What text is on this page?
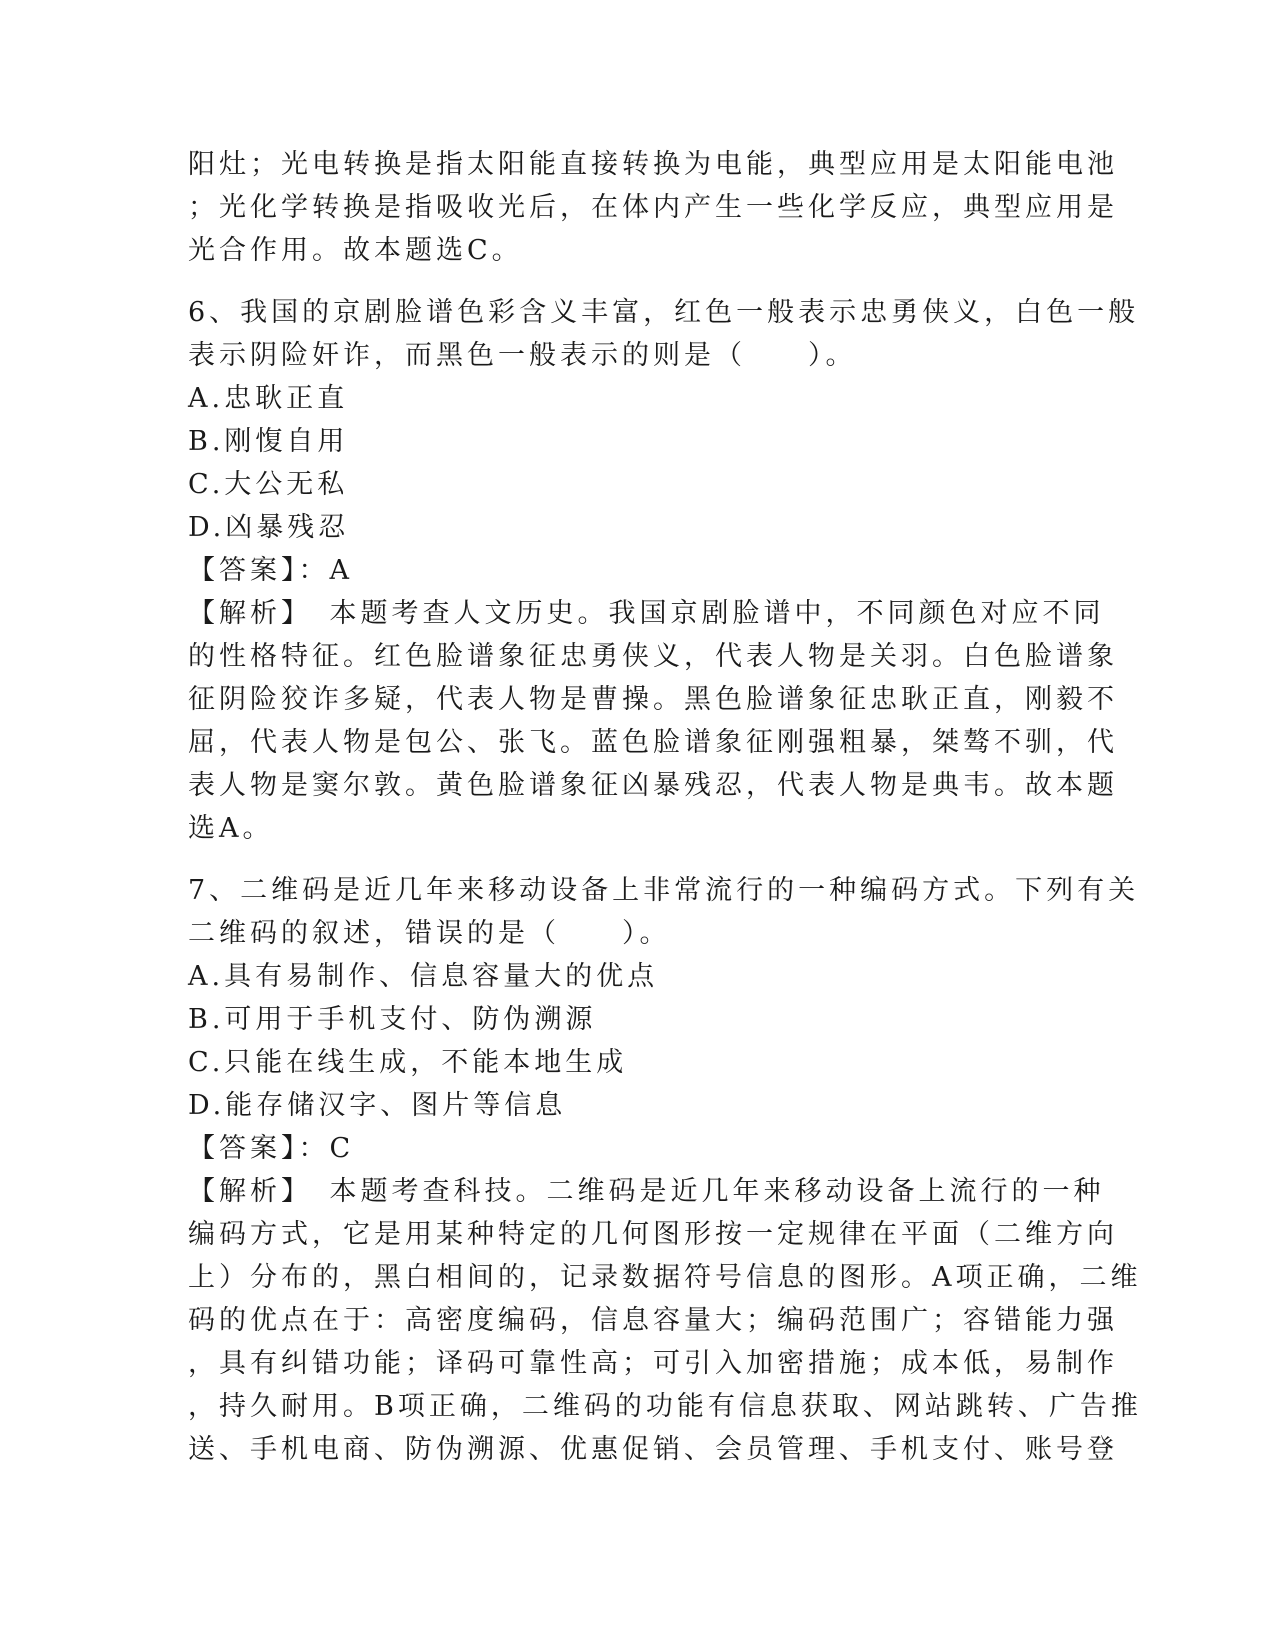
阳灶；光电转换是指太阳能直接转换为电能，典型应用是太阳能电池
；光化学转换是指吸收光后，在体内产生一些化学反应，典型应用是
光合作用。故本题选C。
6、我国的京剧脸谱色彩含义丰富，红色一般表示忠勇侠义，白色一般
表示阴险奸诈，而黑色一般表示的则是（　　）。
A.忠耿正直
B.刚愎自用
C.大公无私
D.凶暴残忍
【答案】：A
【解析】　本题考查人文历史。我国京剧脸谱中，不同颜色对应不同
的性格特征。红色脸谱象征忠勇侠义，代表人物是关羽。白色脸谱象
征阴险狡诈多疑，代表人物是曹操。黑色脸谱象征忠耿正直，刚毅不
屈，代表人物是包公、张飞。蓝色脸谱象征刚强粗暴，桀骜不驯，代
表人物是窦尔敦。黄色脸谱象征凶暴残忍，代表人物是典韦。故本题
选A。
7、二维码是近几年来移动设备上非常流行的一种编码方式。下列有关
二维码的叙述，错误的是（　　）。
A.具有易制作、信息容量大的优点
B.可用于手机支付、防伪溯源
C.只能在线生成，不能本地生成
D.能存储汉字、图片等信息
【答案】：C
【解析】　本题考查科技。二维码是近几年来移动设备上流行的一种
编码方式，它是用某种特定的几何图形按一定规律在平面（二维方向
上）分布的，黑白相间的，记录数据符号信息的图形。A项正确，二维
码的优点在于：高密度编码，信息容量大；编码范围广；容错能力强
，具有纠错功能；译码可靠性高；可引入加密措施；成本低，易制作
，持久耐用。B项正确，二维码的功能有信息获取、网站跳转、广告推
送、手机电商、防伪溯源、优惠促销、会员管理、手机支付、账号登
